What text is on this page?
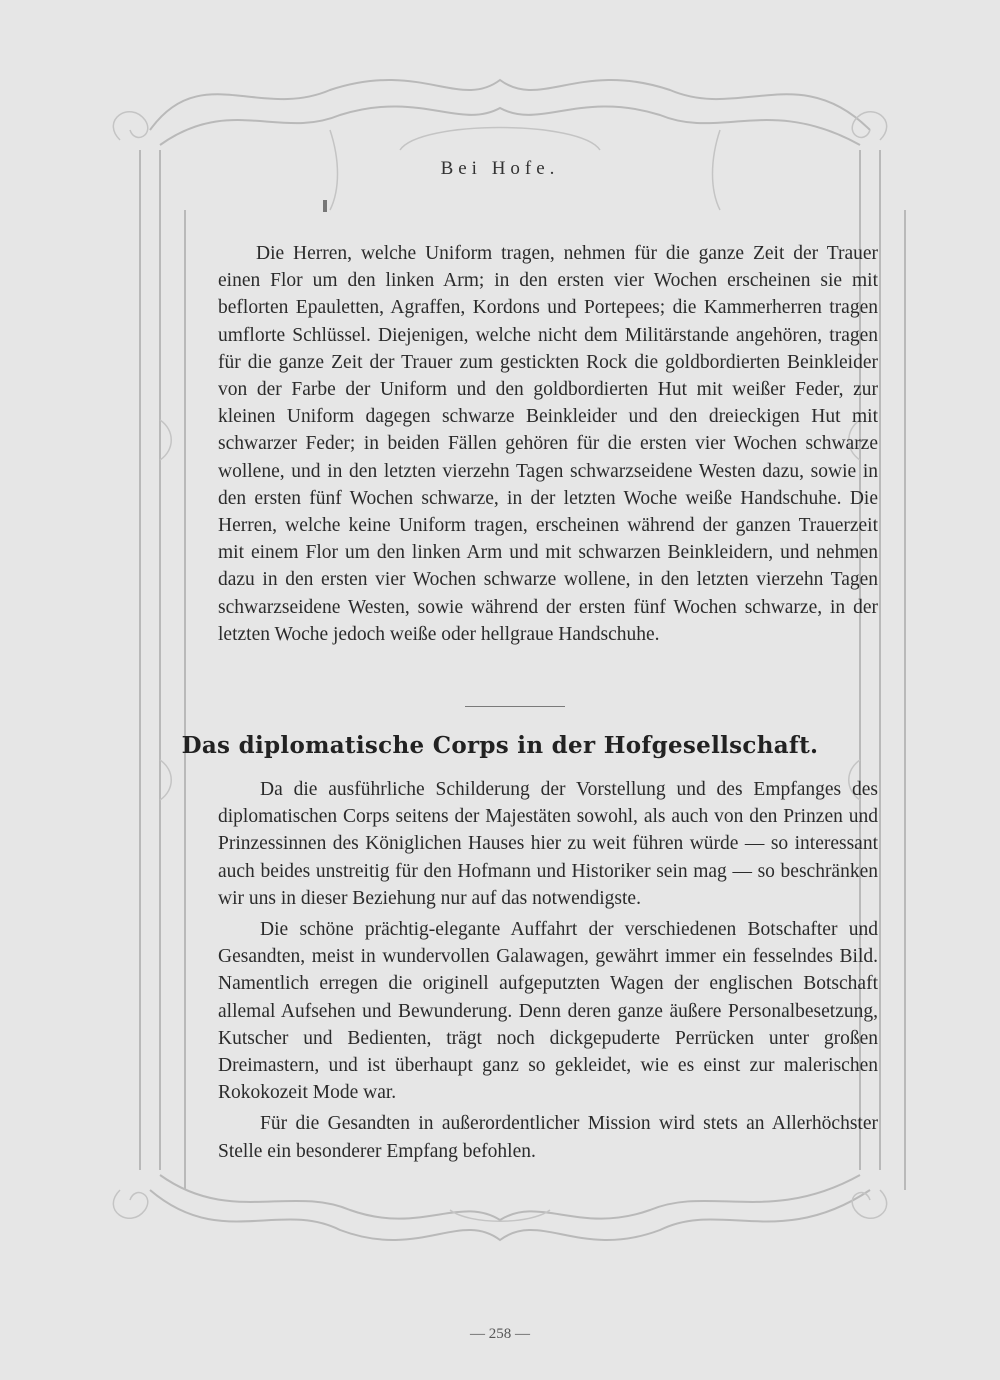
Bei Hofe.

Die Herren, welche Uniform tragen, nehmen für die ganze Zeit der Trauer einen Flor um den linken Arm; in den ersten vier Wochen erscheinen sie mit beflorten Epauletten, Agraffen, Kordons und Portepees; die Kammerherren tragen umflorte Schlüssel. Diejenigen, welche nicht dem Militärstande angehören, tragen für die ganze Zeit der Trauer zum gestickten Rock die goldbordierten Beinkleider von der Farbe der Uniform und den goldbordierten Hut mit weißer Feder, zur kleinen Uniform dagegen schwarze Beinkleider und den dreieckigen Hut mit schwarzer Feder; in beiden Fällen gehören für die ersten vier Wochen schwarze wollene, und in den letzten vierzehn Tagen schwarzseidene Westen dazu, sowie in den ersten fünf Wochen schwarze, in der letzten Woche weiße Handschuhe. Die Herren, welche keine Uniform tragen, erscheinen während der ganzen Trauerzeit mit einem Flor um den linken Arm und mit schwarzen Beinkleidern, und nehmen dazu in den ersten vier Wochen schwarze wollene, in den letzten vierzehn Tagen schwarzseidene Westen, sowie während der ersten fünf Wochen schwarze, in der letzten Woche jedoch weiße oder hellgraue Handschuhe.

Das diplomatische Corps in der Hofgesellschaft.

Da die ausführliche Schilderung der Vorstellung und des Empfanges des diplomatischen Corps seitens der Majestäten sowohl, als auch von den Prinzen und Prinzessinnen des Königlichen Hauses hier zu weit führen würde — so interessant auch beides unstreitig für den Hofmann und Historiker sein mag — so beschränken wir uns in dieser Beziehung nur auf das notwendigste.

Die schöne prächtig-elegante Auffahrt der verschiedenen Botschafter und Gesandten, meist in wundervollen Galawagen, gewährt immer ein fesselndes Bild. Namentlich erregen die originell aufgeputzten Wagen der englischen Botschaft allemal Aufsehen und Bewunderung. Denn deren ganze äußere Personalbesetzung, Kutscher und Bedienten, trägt noch dickgepuderte Perrücken unter großen Dreimastern, und ist überhaupt ganz so gekleidet, wie es einst zur malerischen Rokokozeit Mode war.

Für die Gesandten in außerordentlicher Mission wird stets an Allerhöchster Stelle ein besonderer Empfang befohlen.

— 258 —
